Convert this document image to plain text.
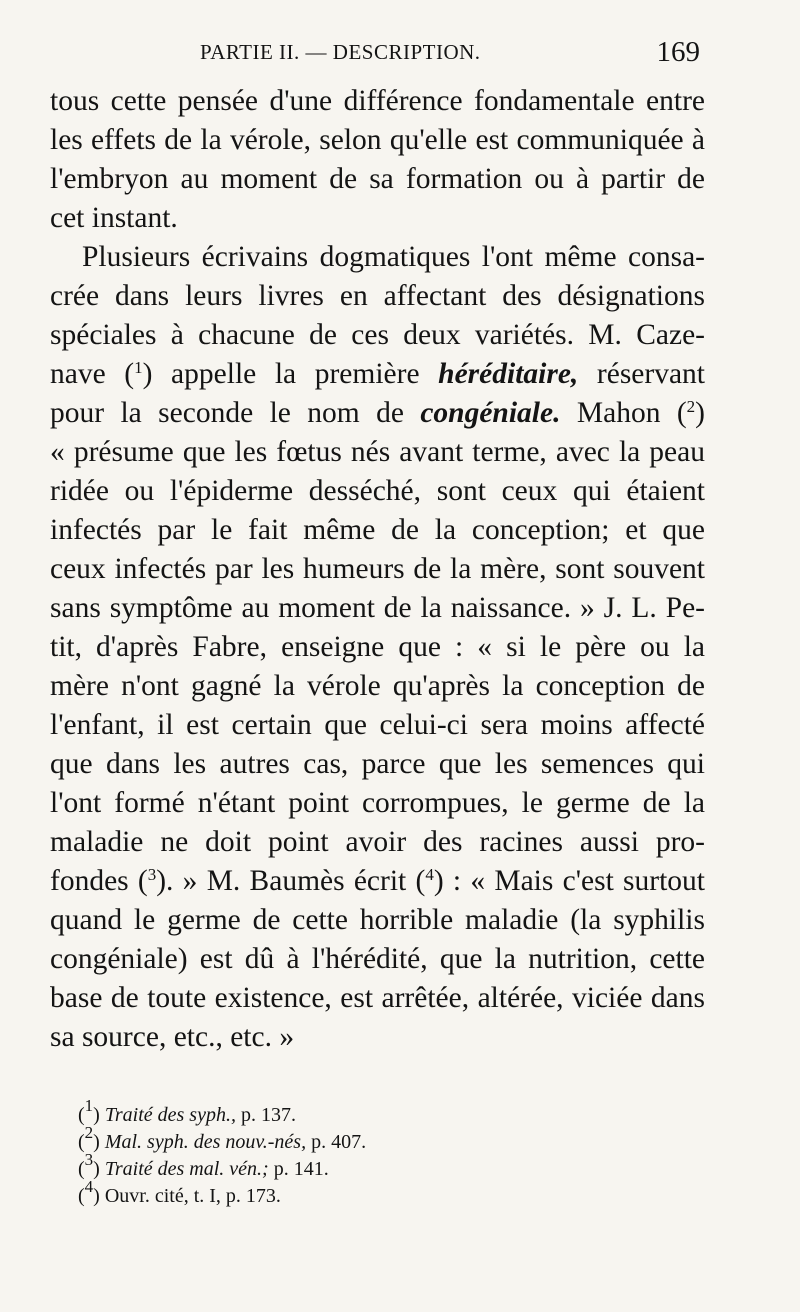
PARTIE II. — DESCRIPTION.	169
tous cette pensée d'une différence fondamentale entre
les effets de la vérole, selon qu'elle est communiquée à
l'embryon au moment de sa formation ou à partir de
cet instant.
Plusieurs écrivains dogmatiques l'ont même consa-
crée dans leurs livres en affectant des désignations
spéciales à chacune de ces deux variétés. M. Caze-
nave ($^1$) appelle la première héréditaire, réservant
pour la seconde le nom de congéniale. Mahon ($^2$)
« présume que les fœtus nés avant terme, avec la peau
ridée ou l'épiderme desséché, sont ceux qui étaient
infectés par le fait même de la conception; et que
ceux infectés par les humeurs de la mère, sont souvent
sans symptôme au moment de la naissance. » J. L. Pe-
tit, d'après Fabre, enseigne que : « si le père ou la
mère n'ont gagné la vérole qu'après la conception de
l'enfant, il est certain que celui-ci sera moins affecté
que dans les autres cas, parce que les semences qui
l'ont formé n'étant point corrompues, le germe de la
maladie ne doit point avoir des racines aussi pro-
fondes ($^3$). » M. Baumès écrit ($^4$) : « Mais c'est surtout
quand le germe de cette horrible maladie (la syphilis
congéniale) est dû à l'hérédité, que la nutrition, cette
base de toute existence, est arrêtée, altérée, viciée dans
sa source, etc., etc. »
($^1$) Traité des syph., p. 137.
($^2$) Mal. syph. des nouv.-nés, p. 407.
($^3$) Traité des mal. vén.; p. 141.
($^4$) Ouvr. cité, t. I, p. 173.
